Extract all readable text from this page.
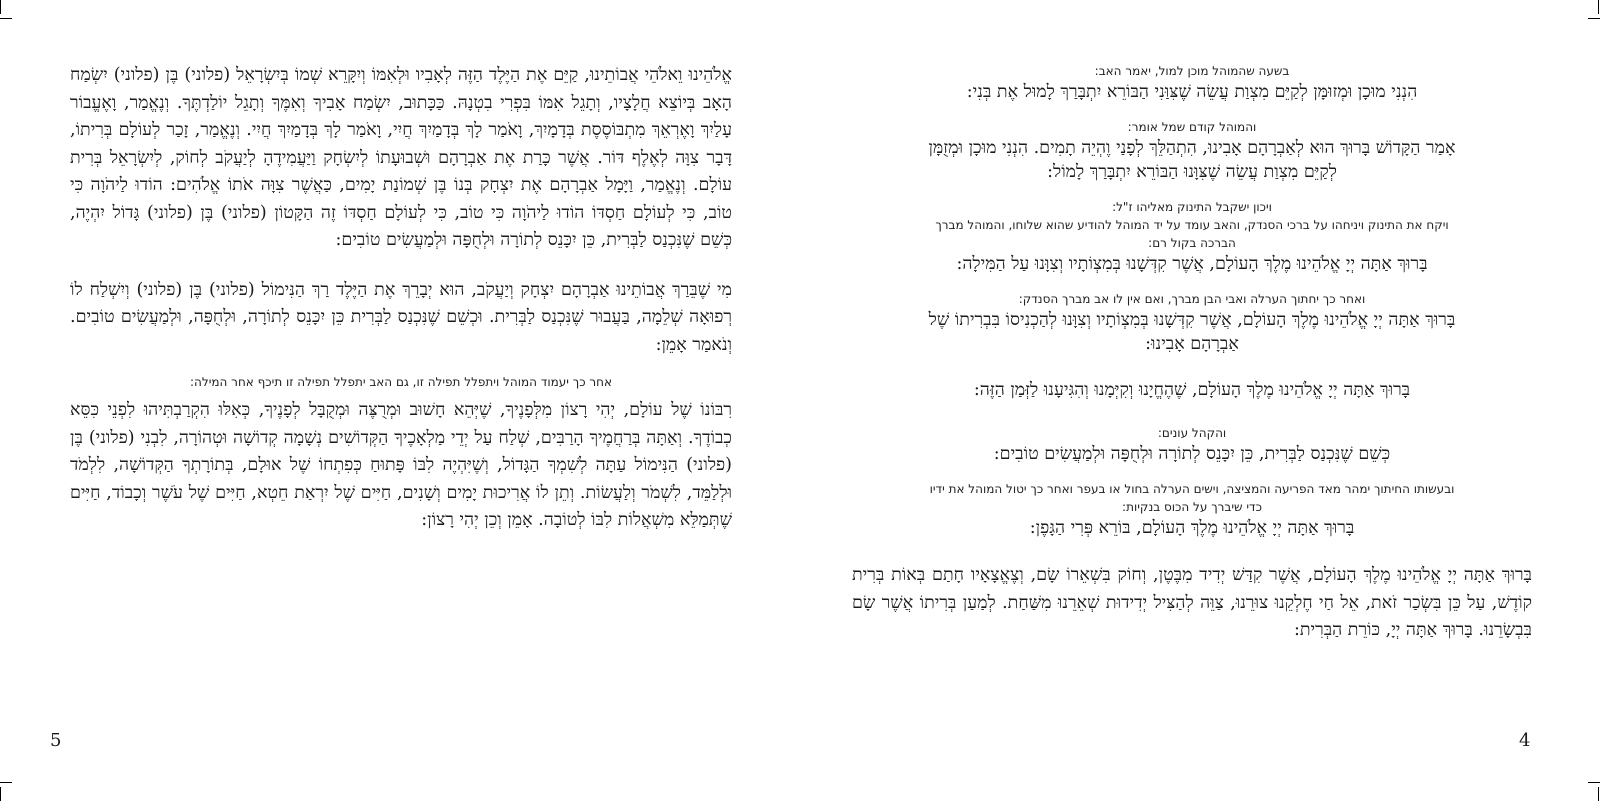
אֱלֹהֵינוּ וֵאלֹהֵי אֲבוֹתֵינוּ, קַיֵּם אֶת הַיֶּלֶד הַזֶּה לְאָבִיו וּלְאִמּוֹ וְיִקָּרֵא שְׁמוֹ בְּיִשְׂרָאֵל (פלוני) בֶּן (פלוני) יִשְׂמַח הָאָב בְּיוֹצֵא חֲלָצָיו, וְתָגֵל אִמּוֹ בִּפְרִי בִטְנָהּ. כַּכָּתוּב, יִשְׂמַח אָבִיךָ וְאִמֶּךָ וְתָגֵל יוֹלַדְתֶּךָ. וְנֶאֱמַר, וָאֶעֱבוֹר עָלַיִךְ וָאֶרְאֵךְ מִתְבּוֹסֶסֶת בְּדָמָיִךְ, וָאֹמַר לָךְ בְּדָמַיִךְ חֲיִי, וָאֹמַר לָךְ בְּדָמַיִךְ חֲיִי. וְנֶאֱמַר, זָכַר לְעוֹלָם בְּרִיתוֹ, דָּבָר צִוָּה לְאֶלֶף דּוֹר. אֲשֶׁר כָּרַת אֶת אַבְרָהָם וּשְׁבוּעָתוֹ לְיִשְׂחָק וַיַּעֲמִידֶהָ לְיַעֲקֹב לְחוֹק, לְיִשְׂרָאֵל בְּרִית עוֹלָם. וְנֶאֱמַר, וַיָּמָל אַבְרָהָם אֶת יִצְחָק בְּנוֹ בֶּן שְׁמוֹנַת יָמִים, כַּאֲשֶׁר צִוָּה אֹתוֹ אֱלֹהִים: הוֹדוּ לַיהֹוָה כִּי טוֹב, כִּי לְעוֹלָם חַסְדּוֹ הוֹדוּ לַיהֹוָה כִּי טוֹב, כִּי לְעוֹלָם חַסְדּוֹ זֶה הַקָּטוֹן (פלוני) בֶּן (פלוני) גָּדוֹל יִהְיֶה, כְּשֵׁם שֶׁנִּכְנַס לַבְּרִית, כֵּן יִכָּנֵס לְתוֹרָה וּלְחֻפָּה וּלְמַעֲשִׂים טוֹבִים:

מִי שֶׁבֵּרַךְ אֲבוֹתֵינוּ אַבְרָהָם יִצְחָק וְיַעֲקֹב, הוּא יְבָרֵךְ אֶת הַיֶּלֶד רַךְ הַנִּימוֹל (פלוני) בֶּן (פלוני) וְיִשְׁלַח לוֹ רְפוּאָה שְׁלֵמָה, בַּעֲבוּר שֶׁנִּכְנַס לַבְּרִית. וּכְשֵׁם שֶׁנִּכְנַס לַבְּרִית כֵּן יִכָּנֵס לְתוֹרָה, וּלְחֻפָּה, וּלְמַעֲשִׂים טוֹבִים. וְנֹאמַר אָמֵן:

אחר כך יעמוד המוהל ויתפלל תפילה זו, גם האב יתפלל תפילה זו תיכף אחר המילה:

רִבּוֹנוֹ שֶׁל עוֹלָם, יְהִי רָצוֹן מִלְּפָנֶיךָ, שֶׁיְּהֵא חָשׁוּב וּמְרֻצֶּה וּמְקֻבָּל לְפָנֶיךָ, כְּאִלּוּ הִקְרַבְתִּיהוּ לִפְנֵי כִּסֵּא כְבוֹדֶךָ. וְאַתָּה בְּרַחֲמֶיךָ הָרַבִּים, שְׁלַח עַל יְדֵי מַלְאָכֶיךָ הַקְּדוֹשִׁים נְשָׁמָה קְדוֹשָׁה וּטְהוֹרָה, לִבְנִי (פלוני) בֶּן (פלוני) הַנִּימוֹל עַתָּה לְשִׁמְךָ הַגָּדוֹל, וְשֶׁיִּהְיֶה לִבּוֹ פָּתוּחַ כְּפִתְחוֹ שֶׁל אוּלָם, בְּתוֹרָתְךָ הַקְּדוֹשָׁה, לִלְמֹד וּלְלַמֵּד, לִשְׁמֹר וְלַעֲשׂוֹת. וְתֵן לוֹ אֲרִיכוּת יָמִים וְשָׁנִים, חַיִּים שֶׁל יִרְאַת חֵטְא, חַיִּים שֶׁל עֹשֶׁר וְכָבוֹד, חַיִּים שֶׁתְּמַלֵּא מִשְׁאֲלוֹת לִבּוֹ לְטוֹבָה. אָמֵן וְכֵן יְהִי רָצוֹן:

בשעה שהמוהל מוכן למול, יאמר האב:

הִנְנִי מוּכָן וּמְזוּמָּן לְקַיֵּם מִצְוַת עֲשֵׂה שֶׁצִּוַּנִי הַבּוֹרֵא יִתְבָּרַךְ לָמוּל אֶת בְּנִי:

והמוהל קודם שמל אומר:

אָמַר הַקָּדוֹשׁ בָּרוּךְ הוּא לְאַבְרָהָם אָבִינוּ, הִתְהַלֵּךְ לְפָנַי וֶהְיֵה תָמִים. הִנְנִי מוּכָן וּמְזֻמָּן

לְקַיֵּם מִצְוַת עֲשֵׂה שֶׁצִּוָּנוּ הַבּוֹרֵא יִתְבָּרַךְ לָמוֹל:

ויכון ישקבל התינוק מאליהו ז"ל:

ויקח את התינוק ויניחהו על ברכי הסנדק, והאב עומד על יד המוהל להודיע שהוא שלוחו, והמוהל מברך

הברכה בקול רם:

בָּרוּךְ אַתָּה יְיָ אֱלֹהֵינוּ מֶלֶךְ הָעוֹלָם, אֲשֶׁר קִדְּשָׁנוּ בְּמִצְוֹתָיו וְצִוָּנוּ עַל הַמִּילָה:

ואחר כך יחתוך הערלה ואבי הבן מברך, ואם אין לו אב מברך הסנדק:

בָּרוּךְ אַתָּה יְיָ אֱלֹהֵינוּ מֶלֶךְ הָעוֹלָם, אֲשֶׁר קִדְּשָׁנוּ בְּמִצְוֹתָיו וְצִוָּנוּ לְהַכְנִיסוֹ בִּבְרִיתוֹ שֶׁל

אַבְרָהָם אָבִינוּ:

בָּרוּךְ אַתָּה יְיָ אֱלֹהֵינוּ מֶלֶךְ הָעוֹלָם, שֶׁהֶחֱיָנוּ וְקִיְּמָנוּ וְהִגִּיעָנוּ לַזְּמַן הַזֶּה:

והקהל עונים:

כְּשֵׁם שֶׁנִּכְנַס לַבְּרִית, כֵּן יִכָּנֵס לְתוֹרָה וּלְחֻפָּה וּלְמַעֲשִׂים טוֹבִים:

ובעשותו החיתוך ימהר מאד הפריעה והמציצה, וישים הערלה בחול או בעפר ואחר כך יטול המוהל את ידיו

כדי שיברך על הכוס בנקיות:

בָּרוּךְ אַתָּה יְיָ אֱלֹהֵינוּ מֶלֶךְ הָעוֹלָם, בּוֹרֵא פְּרִי הַגָּפֶן:

בָּרוּךְ אַתָּה יְיָ אֱלֹהֵינוּ מֶלֶךְ הָעוֹלָם, אֲשֶׁר קִדַּשׁ יְדִיד מִבֶּטֶן, וְחוֹק בִּשְׁאֵרוֹ שָׂם, וְצֶאֱצָאָיו חָתַם בְּאוֹת בְּרִית קוֹדֶשׁ, עַל כֵּן בִּשְׂכַר זֹאת, אֵל חַי חֶלְקֵנוּ צוּרֵנוּ, צַוֵּה לְהַצִּיל יְדִידוּת שְׁאֵרֵנוּ מִשַּׁחַת. לְמַעַן בְּרִיתוֹ אֲשֶׁר שָׂם בִּבְשָׂרֵנוּ. בָּרוּךְ אַתָּה יְיָ, כּוֹרֵת הַבְּרִית:

5	4
